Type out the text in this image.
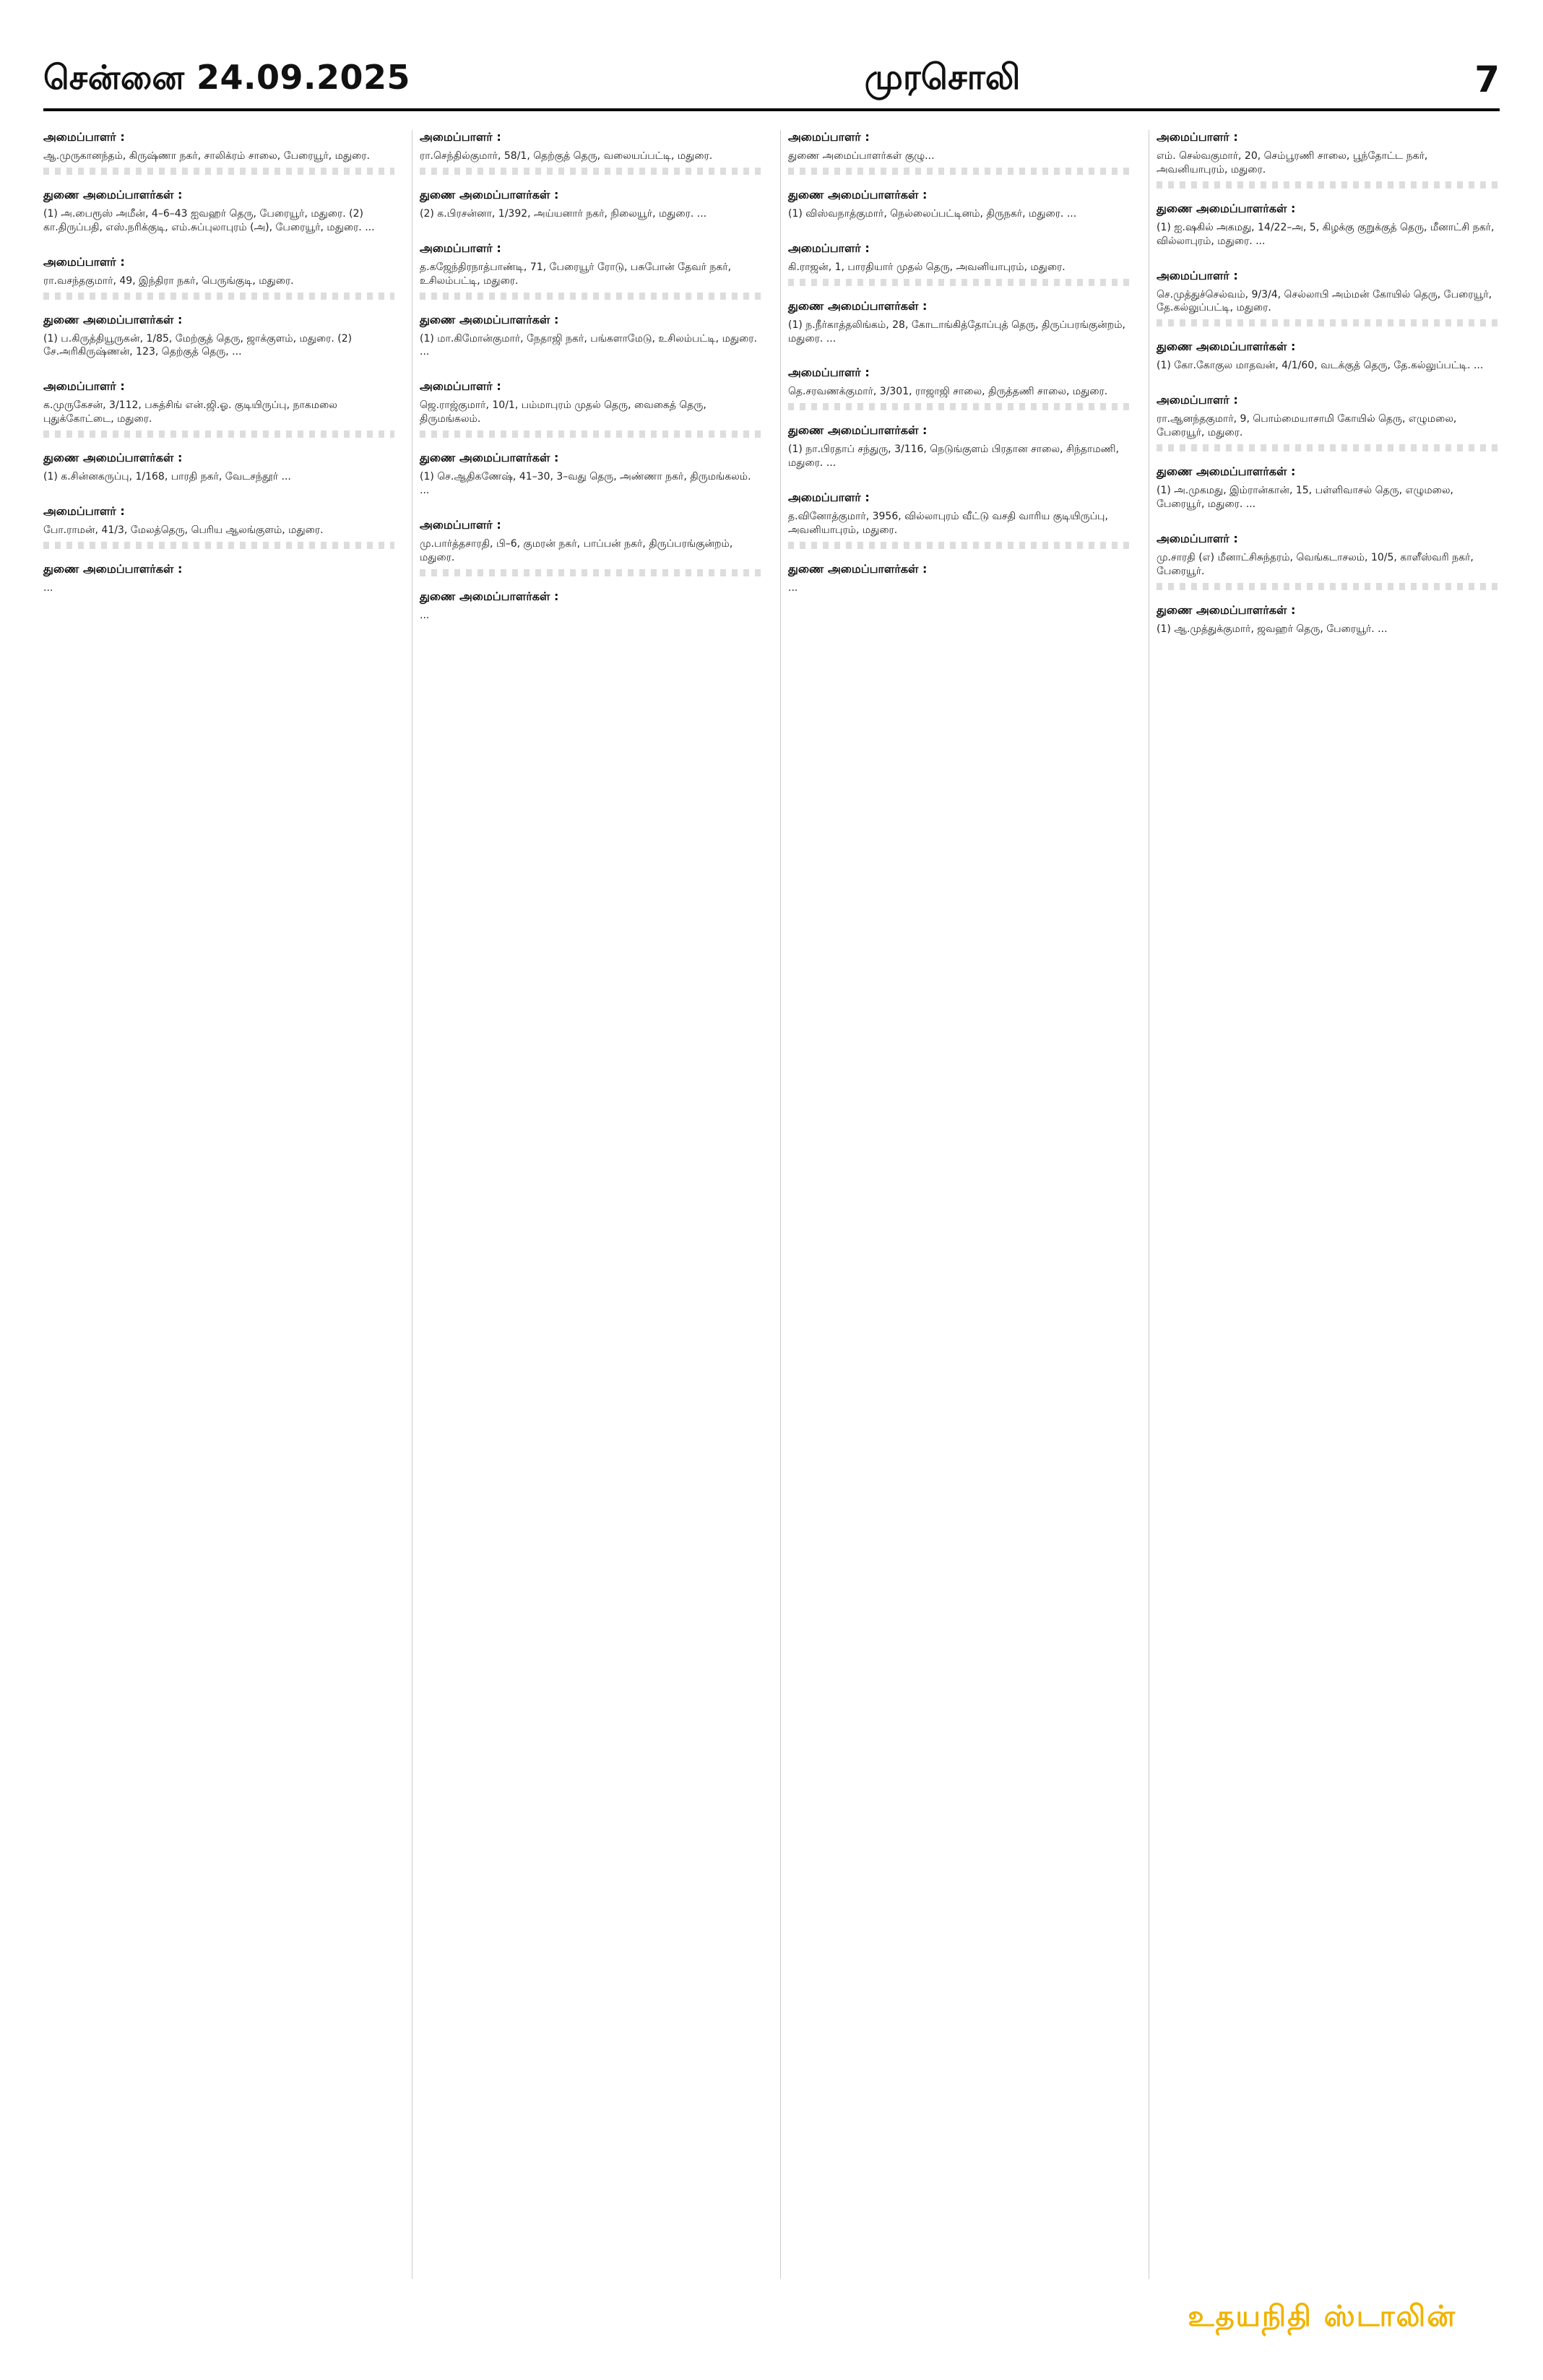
சென்னை 24.09.2025	முரசொலி	7
அமைப்பாளர் :
ஆ.முருகானந்தம், கிருஷ்ணா நகர், சாலிக்ரம் சாலை, பேரையூர், மதுரை.
துணை அமைப்பாளர்கள் :
(1) அ.பைரூஸ் அமீன், 4–6–43 ஐவஹர் தெரு, பேரையூர், மதுரை. (2) கா.திருப்பதி, எஸ்.நரிக்குடி, எம்.சுப்புலாபுரம் (அ), பேரையூர், மதுரை. ...
அமைப்பாளர் :
ரா.வசந்தகுமார், 49, இந்திரா நகர், பெருங்குடி, மதுரை.
துணை அமைப்பாளர்கள் :
(1) ப.கிருத்தியூருகன், 1/85, மேற்குத் தெரு, ஜாக்குளம், மதுரை. (2) சே.அரிகிருஷ்ணன், 123, தெற்குத் தெரு, ...
அமைப்பாளர் :
க.முருகேசன், 3/112, பசுத்சிங் என்.ஜி.ஓ. குடியிருப்பு, நாகமலை புதுக்கோட்டை, மதுரை.
துணை அமைப்பாளர்கள் :
(1) க.சின்னகருப்பு, 1/168, பாரதி நகர், வேடசந்தூர் ...
அமைப்பாளர் :
போ.ராமன், 41/3, மேலத்தெரு, பெரிய ஆலங்குளம், மதுரை.
துணை அமைப்பாளர்கள் :
...
அமைப்பாளர் :
ரா.செந்தில்குமார், 58/1, தெற்குத் தெரு, வலையப்பட்டி, மதுரை.
துணை அமைப்பாளர்கள் :
(2) க.பிரசன்னா, 1/392, அய்யனார் நகர், நிலையூர், மதுரை. ...
அமைப்பாளர் :
த.கஜேந்திரநாத்பாண்டி, 71, பேரையூர் ரோடு, பசுபோன் தேவர் நகர், உசிலம்பட்டி, மதுரை.
துணை அமைப்பாளர்கள் :
(1) மா.கிமோன்குமார், நேதாஜி நகர், பங்களாமேடு, உசிலம்பட்டி, மதுரை. ...
அமைப்பாளர் :
ஜெ.ராஜ்குமார், 10/1, பம்மாபுரம் முதல் தெரு, வைகைத் தெரு, திருமங்கலம்.
துணை அமைப்பாளர்கள் :
(1) செ.ஆதிகணேஷ், 41–30, 3–வது தெரு, அண்ணா நகர், திருமங்கலம். ...
அமைப்பாளர் :
மு.பார்த்தசாரதி, பி–6, குமரன் நகர், பாப்பன் நகர், திருப்பரங்குன்றம், மதுரை.
துணை அமைப்பாளர்கள் :
...
அமைப்பாளர் :
துணை அமைப்பாளர்கள் குழு...
துணை அமைப்பாளர்கள் :
(1) விஸ்வநாத்குமார், நெல்லைப்பட்டினம், திருநகர், மதுரை. ...
அமைப்பாளர் :
கி.ராஜன், 1, பாரதியார் முதல் தெரு, அவனியாபுரம், மதுரை.
துணை அமைப்பாளர்கள் :
(1) ந.நீர்காத்தலிங்கம், 28, கோடாங்கித்தோப்புத் தெரு, திருப்பரங்குன்றம், மதுரை. ...
அமைப்பாளர் :
தெ.சரவணக்குமார், 3/301, ராஜாஜி சாலை, திருத்தணி சாலை, மதுரை.
துணை அமைப்பாளர்கள் :
(1) நா.பிரதாப் சந்துரு, 3/116, நெடுங்குளம் பிரதான சாலை, சிந்தாமணி, மதுரை. ...
அமைப்பாளர் :
த.வினோத்குமார், 3956, வில்லாபுரம் வீட்டு வசதி வாரிய குடியிருப்பு, அவனியாபுரம், மதுரை.
துணை அமைப்பாளர்கள் :
...
அமைப்பாளர் :
எம். செல்வகுமார், 20, செம்பூரணி சாலை, பூந்தோட்ட நகர், அவனியாபுரம், மதுரை.
துணை அமைப்பாளர்கள் :
(1) ஐ.ஷகில் அகமது, 14/22–அ, 5, கிழக்கு குறுக்குத் தெரு, மீனாட்சி நகர், வில்லாபுரம், மதுரை. ...
அமைப்பாளர் :
செ.முத்துச்செல்வம், 9/3/4, செல்லாபி அம்மன் கோயில் தெரு, பேரையூர், தே.கல்லுப்பட்டி, மதுரை.
துணை அமைப்பாளர்கள் :
(1) கோ.கோகுல மாதவன், 4/1/60, வடக்குத் தெரு, தே.கல்லுப்பட்டி. ...
அமைப்பாளர் :
ரா.ஆனந்தகுமார், 9, பொம்மையாசாமி கோயில் தெரு, எழுமலை, பேரையூர், மதுரை.
துணை அமைப்பாளர்கள் :
(1) அ.முகமது, இம்ரான்கான், 15, பள்ளிவாசல் தெரு, எழுமலை, பேரையூர், மதுரை. ...
அமைப்பாளர் :
மு.சாரதி (எ) மீனாட்சிசுந்தரம், வெங்கடாசலம், 10/5, காளீஸ்வரி நகர், பேரையூர்.
துணை அமைப்பாளர்கள் :
(1) ஆ.முத்துக்குமார், ஜவஹர் தெரு, பேரையூர். ...
உதயநிதி ஸ்டாலின்
